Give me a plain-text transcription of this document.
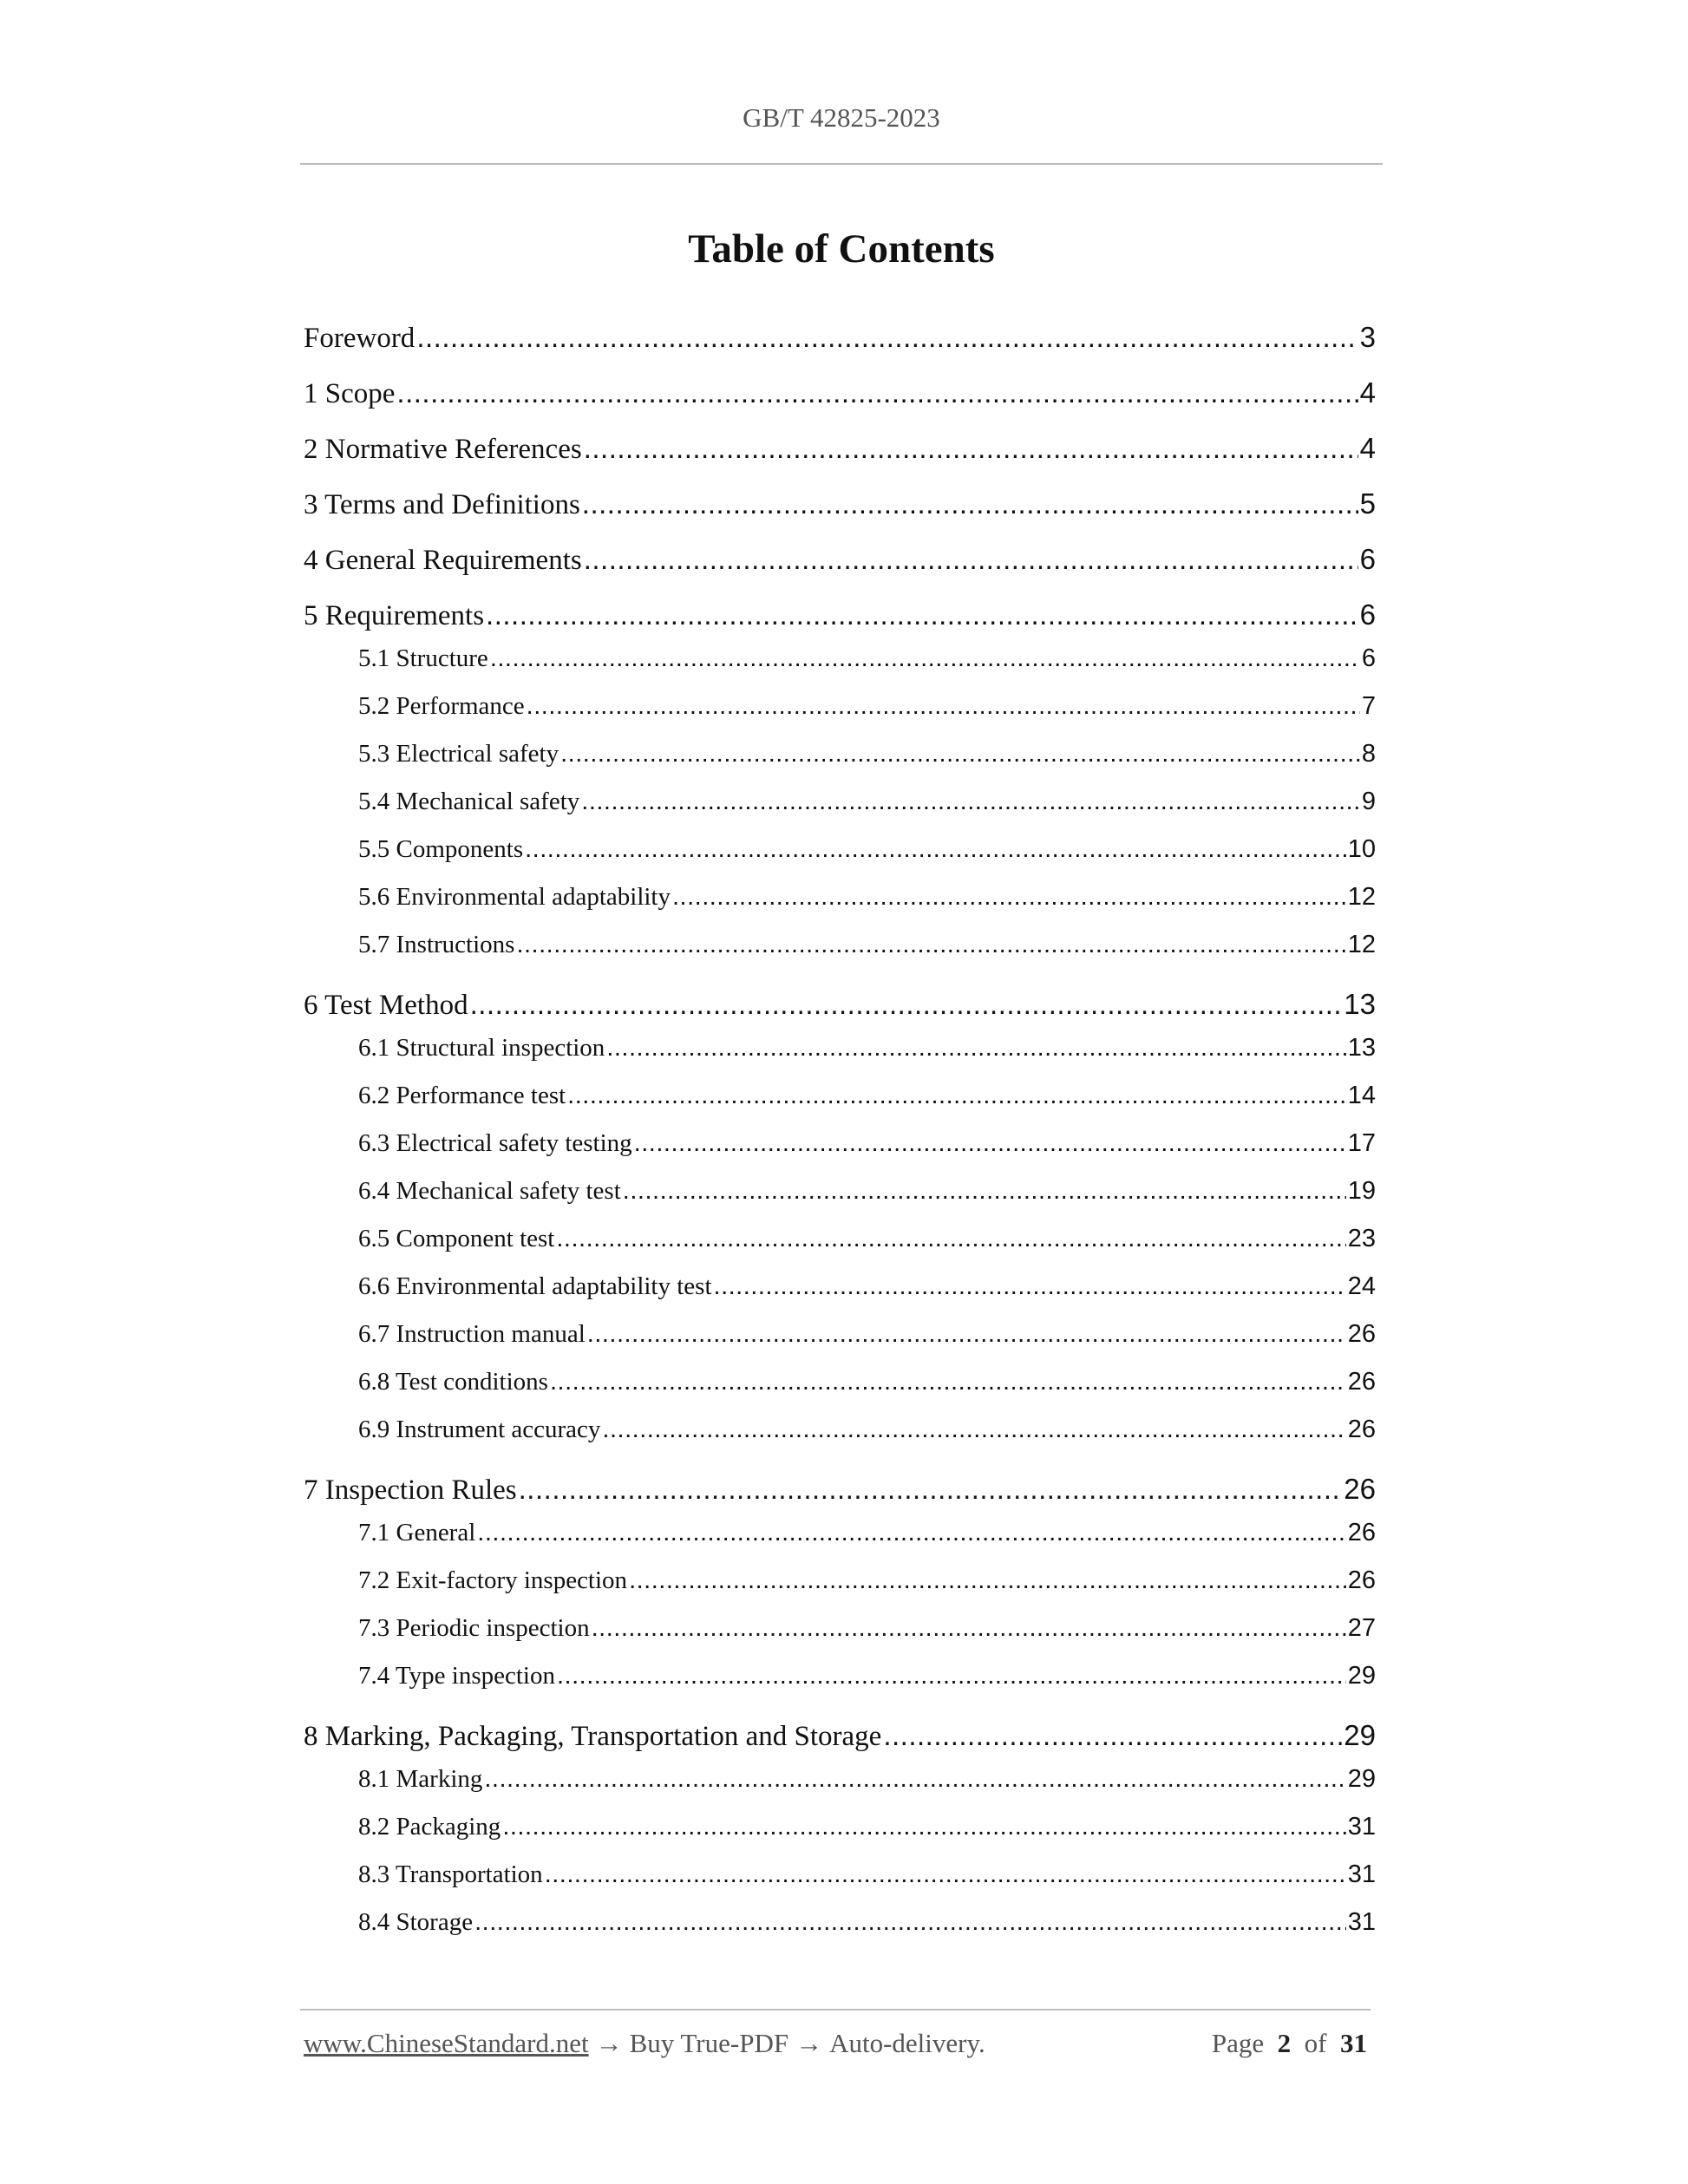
GB/T 42825-2023
Table of Contents
Foreword .....	3
1 Scope .....	4
2 Normative References .....	4
3 Terms and Definitions .....	5
4 General Requirements .....	6
5 Requirements .....	6
5.1 Structure .....	6
5.2 Performance .....	7
5.3 Electrical safety .....	8
5.4 Mechanical safety .....	9
5.5 Components .....	10
5.6 Environmental adaptability .....	12
5.7 Instructions .....	12
6 Test Method .....	13
6.1 Structural inspection .....	13
6.2 Performance test .....	14
6.3 Electrical safety testing .....	17
6.4 Mechanical safety test .....	19
6.5 Component test .....	23
6.6 Environmental adaptability test .....	24
6.7 Instruction manual .....	26
6.8 Test conditions .....	26
6.9 Instrument accuracy .....	26
7 Inspection Rules .....	26
7.1 General .....	26
7.2 Exit-factory inspection .....	26
7.3 Periodic inspection .....	27
7.4 Type inspection .....	29
8 Marking, Packaging, Transportation and Storage .....	29
8.1 Marking .....	29
8.2 Packaging .....	31
8.3 Transportation .....	31
8.4 Storage .....	31
www.ChineseStandard.net → Buy True-PDF → Auto-delivery.	Page 2 of 31
